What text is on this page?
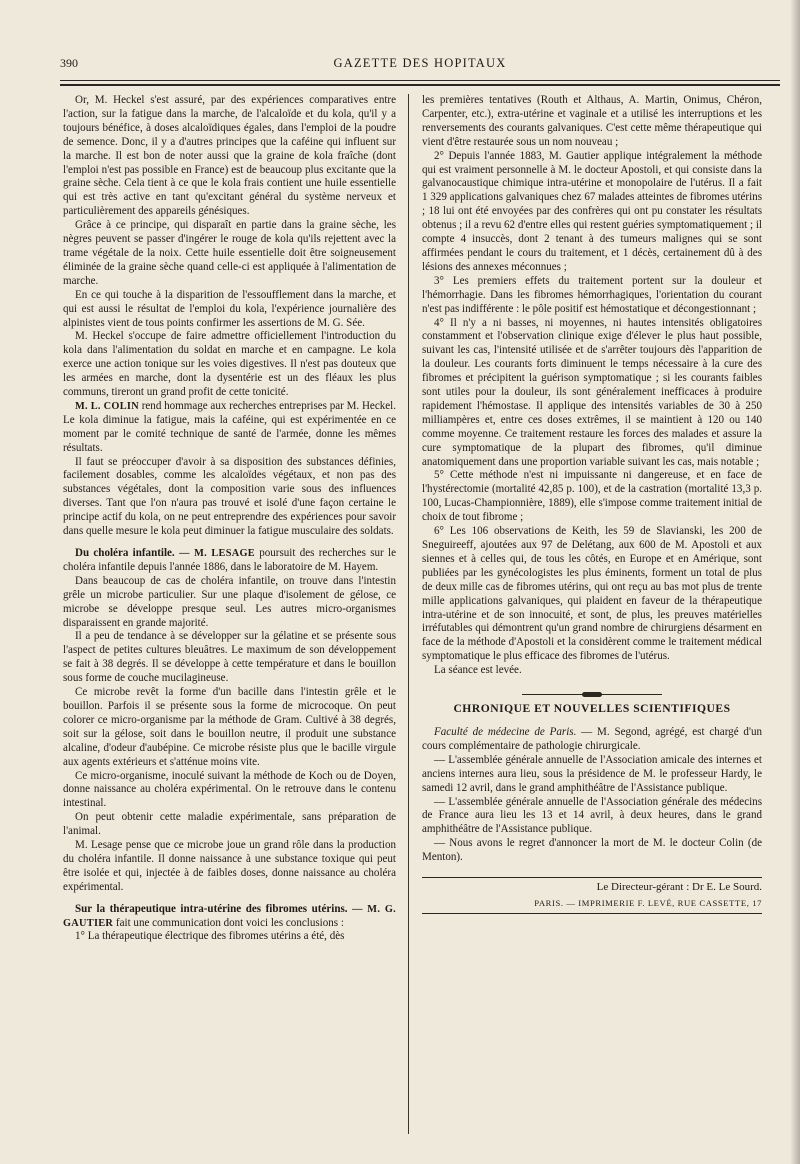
390	GAZETTE DES HOPITAUX

Or, M. Heckel s'est assuré, par des expériences comparatives entre l'action, sur la fatigue dans la marche, de l'alcaloïde et du kola, qu'il y a toujours bénéfice, à doses alcaloïdiques égales, dans l'emploi de la poudre de semence. Donc, il y a d'autres principes que la caféine qui influent sur la marche. Il est bon de noter aussi que la graine de kola fraîche (dont l'emploi n'est pas possible en France) est de beaucoup plus excitante que la graine sèche. Cela tient à ce que le kola frais contient une huile essentielle qui est très active en tant qu'excitant général du système nerveux et particulièrement des appareils génésiques.

Grâce à ce principe, qui disparaît en partie dans la graine sèche, les nègres peuvent se passer d'ingérer le rouge de kola qu'ils rejettent avec la trame végétale de la noix. Cette huile essentielle doit être soigneusement éliminée de la graine sèche quand celle-ci est appliquée à l'alimentation de marche.

En ce qui touche à la disparition de l'essoufflement dans la marche, et qui est aussi le résultat de l'emploi du kola, l'expérience journalière des alpinistes vient de tous points confirmer les assertions de M. G. Sée.

M. Heckel s'occupe de faire admettre officiellement l'introduction du kola dans l'alimentation du soldat en marche et en campagne. Le kola exerce une action tonique sur les voies digestives. Il n'est pas douteux que les armées en marche, dont la dysentérie est un des fléaux les plus communs, tireront un grand profit de cette tonicité.

M. L. COLIN rend hommage aux recherches entreprises par M. Heckel. Le kola diminue la fatigue, mais la caféine, qui est expérimentée en ce moment par le comité technique de santé de l'armée, donne les mêmes résultats.

Il faut se préoccuper d'avoir à sa disposition des substances définies, facilement dosables, comme les alcaloïdes végétaux, et non pas des substances végétales, dont la composition varie sous des influences diverses. Tant que l'on n'aura pas trouvé et isolé d'une façon certaine le principe actif du kola, on ne peut entreprendre des expériences pour savoir dans quelle mesure le kola peut diminuer la fatigue musculaire des soldats.

Du choléra infantile. — M. LESAGE poursuit des recherches sur le choléra infantile depuis l'année 1886, dans le laboratoire de M. Hayem.

Dans beaucoup de cas de choléra infantile, on trouve dans l'intestin grêle un microbe particulier. Sur une plaque d'isolement de gélose, ce microbe se développe presque seul. Les autres micro-organismes disparaissent en grande majorité.

Il a peu de tendance à se développer sur la gélatine et se présente sous l'aspect de petites cultures bleuâtres. Le maximum de son développement se fait à 38 degrés. Il se développe à cette température et dans le bouillon sous forme de couche mucilagineuse.

Ce microbe revêt la forme d'un bacille dans l'intestin grêle et le bouillon. Parfois il se présente sous la forme de microcoque. On peut colorer ce micro-organisme par la méthode de Gram. Cultivé à 38 degrés, soit sur la gélose, soit dans le bouillon neutre, il produit une substance alcaline, d'odeur d'aubépine. Ce microbe résiste plus que le bacille virgule aux agents extérieurs et s'atténue moins vite.

Ce micro-organisme, inoculé suivant la méthode de Koch ou de Doyen, donne naissance au choléra expérimental. On le retrouve dans le contenu intestinal.

On peut obtenir cette maladie expérimentale, sans préparation de l'animal.

M. Lesage pense que ce microbe joue un grand rôle dans la production du choléra infantile. Il donne naissance à une substance toxique qui peut être isolée et qui, injectée à de faibles doses, donne naissance au choléra expérimental.

Sur la thérapeutique intra-utérine des fibromes utérins. — M. G. GAUTIER fait une communication dont voici les conclusions :

1° La thérapeutique électrique des fibromes utérins a été, dès

les premières tentatives (Routh et Althaus, A. Martin, Onimus, Chéron, Carpenter, etc.), extra-utérine et vaginale et a utilisé les interruptions et les renversements des courants galvaniques. C'est cette même thérapeutique qui vient d'être restaurée sous un nom nouveau ;

2° Depuis l'année 1883, M. Gautier applique intégralement la méthode qui est vraiment personnelle à M. le docteur Apostoli, et qui consiste dans la galvanocaustique chimique intra-utérine et monopolaire de l'utérus. Il a fait 1 329 applications galvaniques chez 67 malades atteintes de fibromes utérins ; 18 lui ont été envoyées par des confrères qui ont pu constater les résultats obtenus ; il a revu 62 d'entre elles qui restent guéries symptomatiquement ; il compte 4 insuccès, dont 2 tenant à des tumeurs malignes qui se sont affirmées pendant le cours du traitement, et 1 décès, certainement dû à des lésions des annexes méconnues ;

3° Les premiers effets du traitement portent sur la douleur et l'hémorrhagie. Dans les fibromes hémorrhagiques, l'orientation du courant n'est pas indifférente : le pôle positif est hémostatique et décongestionnant ;

4° Il n'y a ni basses, ni moyennes, ni hautes intensités obligatoires constamment et l'observation clinique exige d'élever le plus haut possible, suivant les cas, l'intensité utilisée et de s'arrêter toujours dès l'apparition de la douleur. Les courants forts diminuent le temps nécessaire à la cure des fibromes et précipitent la guérison symptomatique ; si les courants faibles sont utiles pour la douleur, ils sont généralement inefficaces à produire rapidement l'hémostase. Il applique des intensités variables de 30 à 250 milliampères et, entre ces doses extrêmes, il se maintient à 120 ou 140 comme moyenne. Ce traitement restaure les forces des malades et assure la cure symptomatique de la plupart des fibromes, qu'il diminue anatomiquement dans une proportion variable suivant les cas, mais notable ;

5° Cette méthode n'est ni impuissante ni dangereuse, et en face de l'hystérectomie (mortalité 42,85 p. 100), et de la castration (mortalité 13,3 p. 100, Lucas-Championnière, 1889), elle s'impose comme traitement initial de choix de tout fibrome ;

6° Les 106 observations de Keith, les 59 de Slavianski, les 200 de Sneguireeff, ajoutées aux 97 de Delétang, aux 600 de M. Apostoli et aux siennes et à celles qui, de tous les côtés, en Europe et en Amérique, sont publiées par les gynécologistes les plus éminents, forment un total de plus de deux mille cas de fibromes utérins, qui ont reçu au bas mot plus de trente mille applications galvaniques, qui plaident en faveur de la thérapeutique intra-utérine et de son innocuité, et sont, de plus, les preuves matérielles irréfutables qui démontrent qu'un grand nombre de chirurgiens désarment en face de la méthode d'Apostoli et la considèrent comme le traitement médical symptomatique le plus efficace des fibromes de l'utérus.

La séance est levée.

CHRONIQUE ET NOUVELLES SCIENTIFIQUES

Faculté de médecine de Paris. — M. Segond, agrégé, est chargé d'un cours complémentaire de pathologie chirurgicale.

— L'assemblée générale annuelle de l'Association amicale des internes et anciens internes aura lieu, sous la présidence de M. le professeur Hardy, le samedi 12 avril, dans le grand amphithéâtre de l'Assistance publique.

— L'assemblée générale annuelle de l'Association générale des médecins de France aura lieu les 13 et 14 avril, à deux heures, dans le grand amphithéâtre de l'Assistance publique.

— Nous avons le regret d'annoncer la mort de M. le docteur Colin (de Menton).

Le Directeur-gérant : Dr E. Le Sourd.
PARIS. — IMPRIMERIE F. LEVÉ, RUE CASSETTE, 17
